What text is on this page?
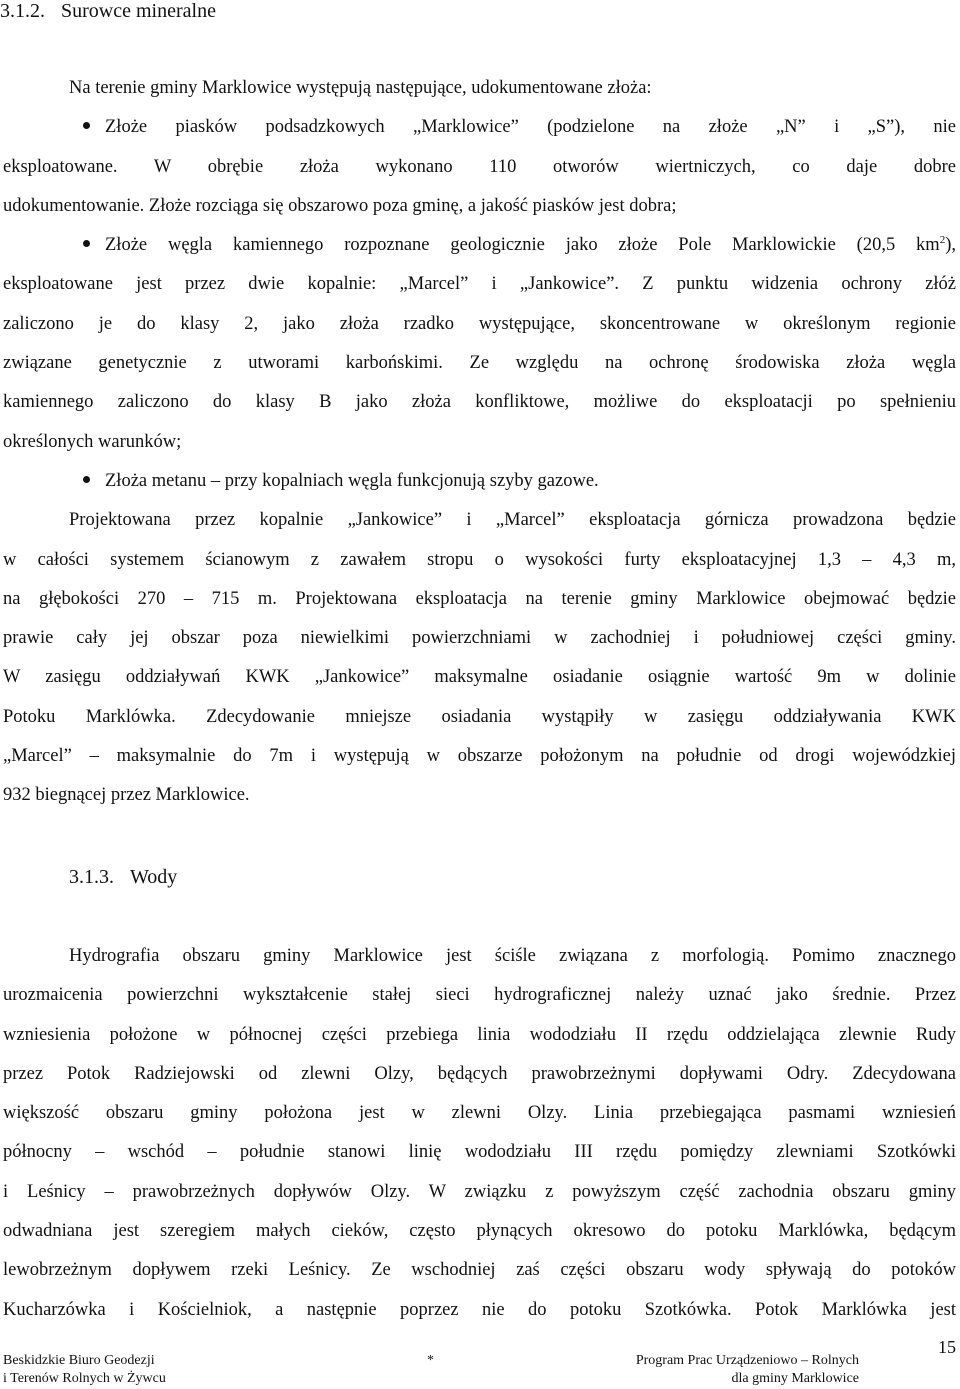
3.1.2. Surowce mineralne
Na terenie gminy Marklowice występują następujące, udokumentowane złoża:
Złoże piasków podsadzkowych „Marklowice” (podzielone na złoże „N” i „S”), nie
eksploatowane. W obrębie złoża wykonano 110 otworów wiertniczych, co daje dobre
udokumentowanie. Złoże rozciąga się obszarowo poza gminę, a jakość piasków jest dobra;
Złoże węgla kamiennego rozpoznane geologicznie jako złoże Pole Marklowickie (20,5 $km^2$),
eksploatowane jest przez dwie kopalnie: „Marcel” i „Jankowice”. Z punktu widzenia ochrony złóż
zaliczono je do klasy 2, jako złoża rzadko występujące, skoncentrowane w określonym regionie
związane genetycznie z utworami karbońskimi. Ze względu na ochronę środowiska złoża węgla
kamiennego zaliczono do klasy B jako złoża konfliktowe, możliwe do eksploatacji po spełnieniu
określonych warunków;
Złoża metanu – przy kopalniach węgla funkcjonują szyby gazowe.
Projektowana przez kopalnie „Jankowice” i „Marcel” eksploatacja górnicza prowadzona będzie
w całości systemem ścianowym z zawałem stropu o wysokości furty eksploatacyjnej 1,3 – 4,3 m,
na głębokości 270 – 715 m. Projektowana eksploatacja na terenie gminy Marklowice obejmować będzie
prawie cały jej obszar poza niewielkimi powierzchniami w zachodniej i południowej części gminy.
W zasięgu oddziaływań KWK „Jankowice” maksymalne osiadanie osiągnie wartość 9m w dolinie
Potoku Marklówka. Zdecydowanie mniejsze osiadania wystąpiły w zasięgu oddziaływania KWK
„Marcel” – maksymalnie do 7m i występują w obszarze położonym na południe od drogi wojewódzkiej
932 biegnącej przez Marklowice.
3.1.3. Wody
Hydrografia obszaru gminy Marklowice jest ściśle związana z morfologią. Pomimo znacznego
urozmaicenia powierzchni wykształcenie stałej sieci hydrograficznej należy uznać jako średnie. Przez
wzniesienia położone w północnej części przebiega linia wododziału II rzędu oddzielająca zlewnie Rudy
przez Potok Radziejowski od zlewni Olzy, będących prawobrzeżnymi dopływami Odry. Zdecydowana
większość obszaru gminy położona jest w zlewni Olzy. Linia przebiegająca pasmami wzniesień
północny – wschód – południe stanowi linię wododziału III rzędu pomiędzy zlewniami Szotkówki
i Leśnicy – prawobrzeżnych dopływów Olzy. W związku z powyższym część zachodnia obszaru gminy
odwadniana jest szeregiem małych cieków, często płynących okresowo do potoku Marklówka, będącym
lewobrzeżnym dopływem rzeki Leśnicy. Ze wschodniej zaś części obszaru wody spływają do potoków
Kucharzówka i Kościelniok, a następnie poprzez nie do potoku Szotkówka. Potok Marklówka jest
Beskidzkie Biuro Geodezji
i Terenów Rolnych w Żywcu
*	Program Prac Urządzeniowo – Rolnych
dla gminy Marklowice
15
